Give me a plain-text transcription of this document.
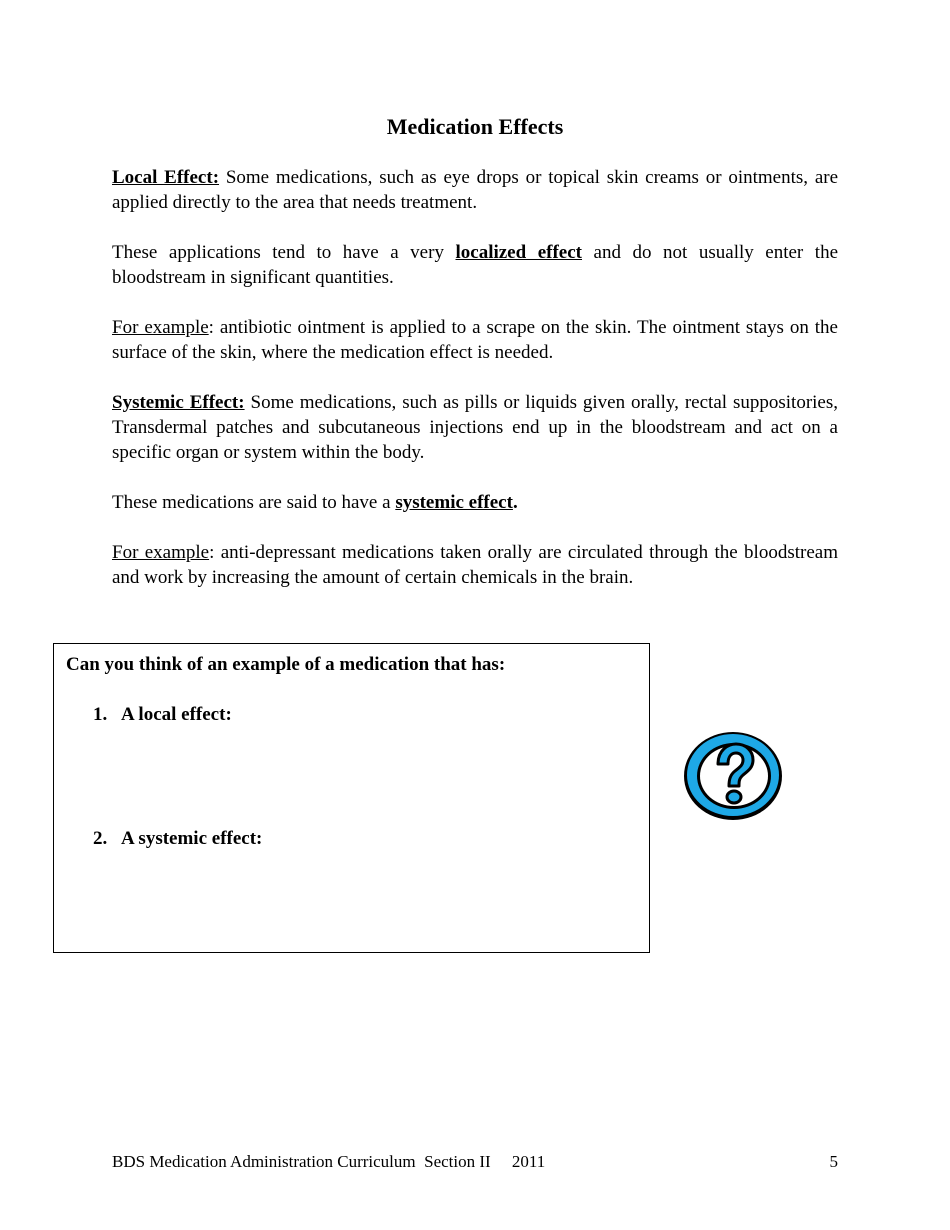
Medication Effects

Local Effect: Some medications, such as eye drops or topical skin creams or ointments, are applied directly to the area that needs treatment.

These applications tend to have a very localized effect and do not usually enter the bloodstream in significant quantities.

For example: antibiotic ointment is applied to a scrape on the skin. The ointment stays on the surface of the skin, where the medication effect is needed.

Systemic Effect: Some medications, such as pills or liquids given orally, rectal suppositories, Transdermal patches and subcutaneous injections end up in the bloodstream and act on a specific organ or system within the body.

These medications are said to have a systemic effect.

For example: anti-depressant medications taken orally are circulated through the bloodstream and work by increasing the amount of certain chemicals in the brain.

Can you think of an example of a medication that has:
1. A local effect:
2. A systemic effect:
BDS Medication Administration Curriculum  Section II     2011	5
